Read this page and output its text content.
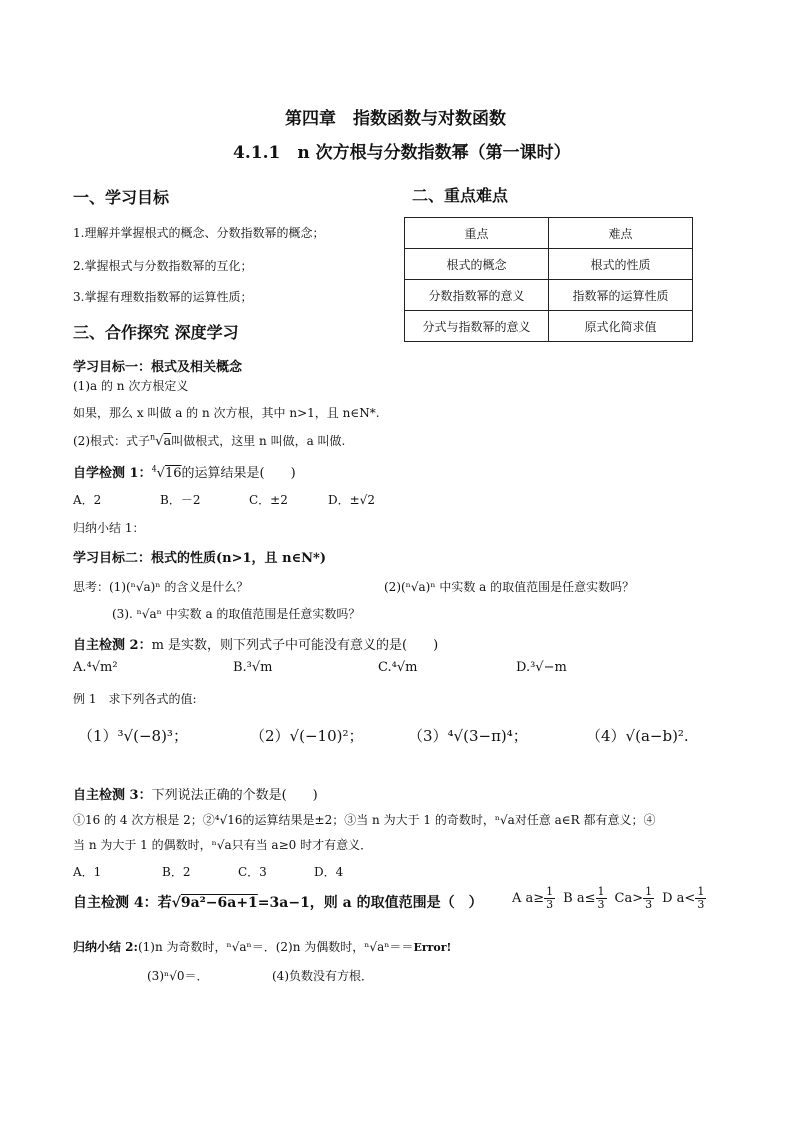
第四章　指数函数与对数函数
4.1.1　n 次方根与分数指数幂（第一课时）
一、学习目标
1.理解并掌握根式的概念、分数指数幂的概念；
2.掌握根式与分数指数幂的互化；
3.掌握有理数指数幂的运算性质；
二、重点难点
重点	难点
根式的概念	根式的性质
分数指数幂的意义	指数幂的运算性质
分式与指数幂的意义	原式化简求值
三、合作探究 深度学习
学习目标一：根式及相关概念
(1)a 的 n 次方根定义
如果，那么 x 叫做 a 的 n 次方根，其中 n>1，且 n∈N*.
(2)根式：式子$^n$√a叫做根式，这里 n 叫做，a 叫做.
自学检测 1：$^4$√16的运算结果是(　　)
A．2	B．－2	C．±2	D．±√2
归纳小结 1：
学习目标二：根式的性质(n>1，且 n∈N*)
思考：(1)(ⁿ√a)ⁿ 的含义是什么？	(2)(ⁿ√a)ⁿ 中实数 a 的取值范围是任意实数吗？
(3). ⁿ√aⁿ 中实数 a 的取值范围是任意实数吗？
自主检测 2：m 是实数，则下列式子中可能没有意义的是(　　)
A.⁴√m²	B.³√m	C.⁴√m	D.³√−m
例 1　求下列各式的值:
（1）³√(−8)³；	（2）√(−10)²；	（3）⁴√(3−π)⁴；	（4）√(a−b)².
自主检测 3：下列说法正确的个数是(　　)
①16 的 4 次方根是 2；②⁴√16的运算结果是±2；③当 n 为大于 1 的奇数时，ⁿ√a对任意 a∈R 都有意义；④
当 n 为大于 1 的偶数时，ⁿ√a只有当 a≥0 时才有意义．
A．1	B．2	C．3	D．4
自主检测 4：若√9a²−6a+1=3a−1，则 a 的取值范围是（　） A $a\ge \frac{1}{3}$ B $a\le \frac{1}{3} Ca> \frac{1}{3}$ D $a< \frac{1}{3}$
归纳小结 2:(1)n 为奇数时，ⁿ√aⁿ＝．(2)n 为偶数时，ⁿ√aⁿ＝＝Error!
(3)ⁿ√0＝．	(4)负数没有方根．
